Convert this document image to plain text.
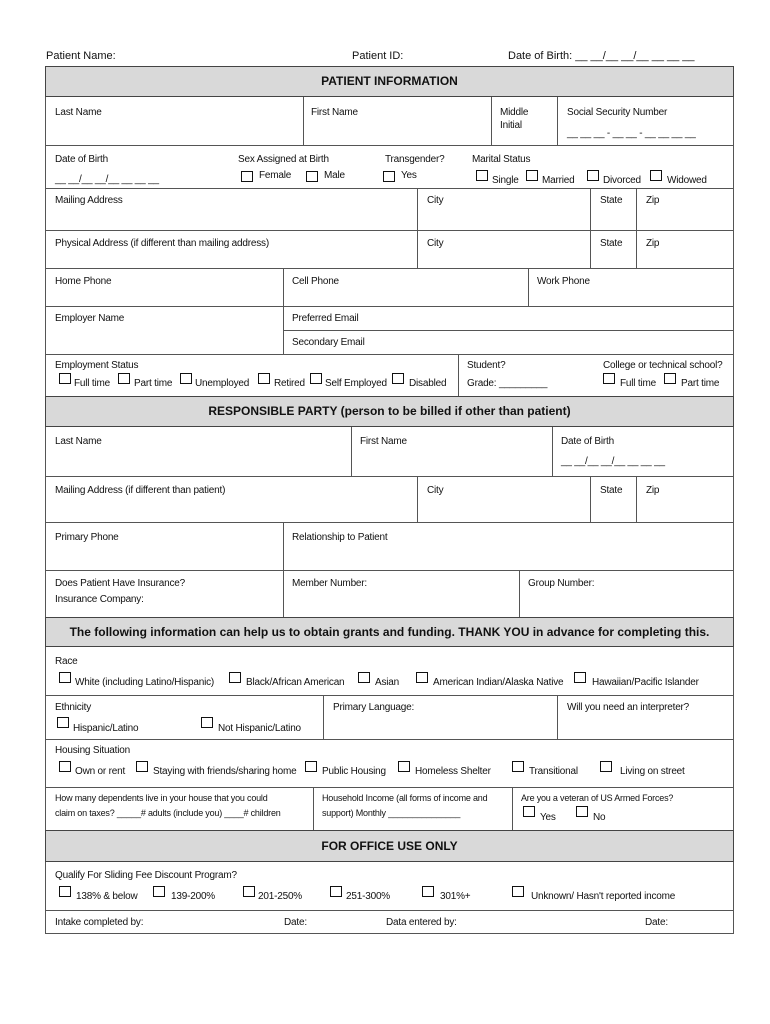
Patient Name:	Patient ID:	Date of Birth: __ __/__ __/__ __ __ __
PATIENT INFORMATION
Last Name	First Name	Middle
Initial
Social Security Number
__ __ __ - __ __ - __ __ __ __
Date of Birth
__ __/__ __/__ __ __ __
Sex Assigned at Birth
Female	Male
Transgender?
Yes
Marital Status
Single Married	Divorced	Widowed
Mailing Address	City	State Zip
Physical Address (if different than mailing address)	City	State Zip
Home Phone	Cell Phone	Work Phone
Employer Name	Preferred Email
Secondary Email
Employment Status
Full time Part time Unemployed Retired Self Employed Disabled
Student?
Grade: _________
College or technical school?
Full time	Part time
RESPONSIBLE PARTY (person to be billed if other than patient)
Last Name	First Name	Date of Birth
__ __/__ __/__ __ __ __
Mailing Address (if different than patient)	City	State Zip
Primary Phone	Relationship to Patient
Does Patient Have Insurance?
Insurance Company:
Member Number:	Group Number:
The following information can help us to obtain grants and funding. THANK YOU in advance for completing this.
Race
White (including Latino/Hispanic)	Black/African American	Asian	American Indian/Alaska Native	Hawaiian/Pacific Islander
Ethnicity
Hispanic/Latino	Not Hispanic/Latino
Primary Language:	Will you need an interpreter?
Housing Situation
Own or rent	Staying with friends/sharing home	Public Housing	Homeless Shelter	Transitional	Living on street
How many dependents live in your house that you could
claim on taxes? _____# adults (include you) ____# children
Household Income (all forms of income and
support) Monthly _______________
Are you a veteran of US Armed Forces?
Yes	No
FOR OFFICE USE ONLY
Qualify For Sliding Fee Discount Program?
138% & below	139-200%	201-250%	251-300%	301%+	Unknown/ Hasn't reported income
Intake completed by:	Date:	Data entered by:	Date:
